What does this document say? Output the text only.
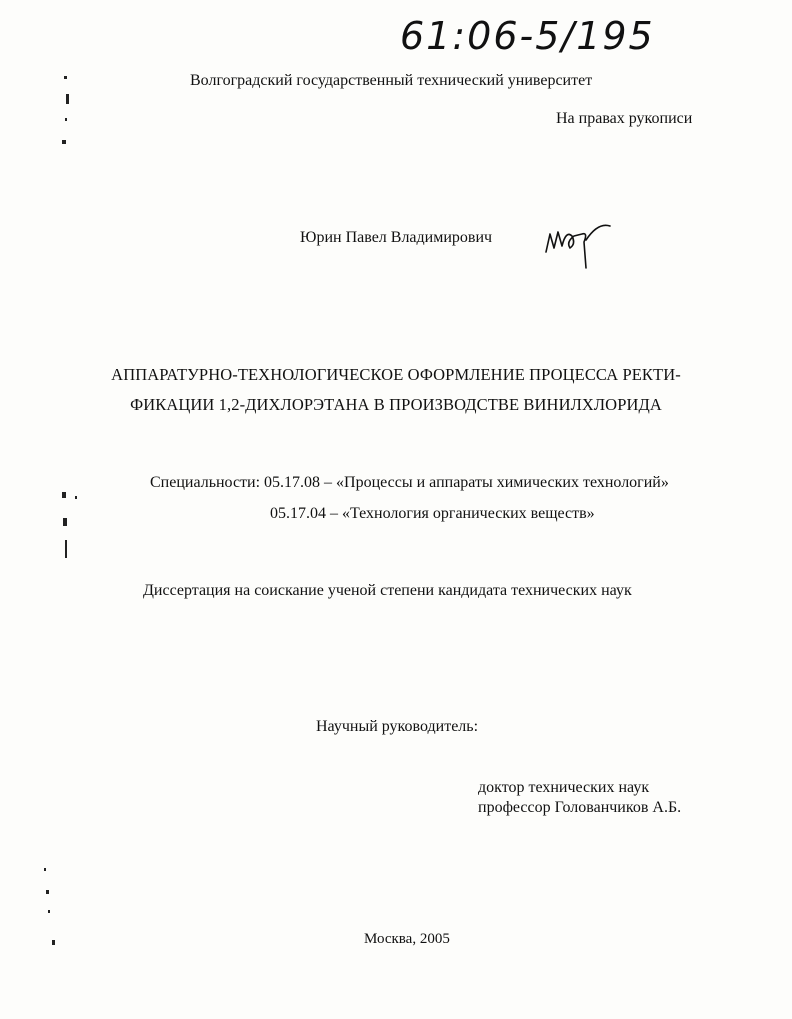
61:06-5/195
Волгоградский государственный технический университет
На правах рукописи
Юрин Павел Владимирович
АППАРАТУРНО-ТЕХНОЛОГИЧЕСКОЕ ОФОРМЛЕНИЕ ПРОЦЕССА РЕКТИ-
ФИКАЦИИ 1,2-ДИХЛОРЭТАНА В ПРОИЗВОДСТВЕ ВИНИЛХЛОРИДА
Специальности: 05.17.08 – «Процессы и аппараты химических технологий»
05.17.04 – «Технология органических веществ»
Диссертация на соискание ученой степени кандидата технических наук
Научный руководитель:
доктор технических наук
профессор Голованчиков А.Б.
Москва, 2005
